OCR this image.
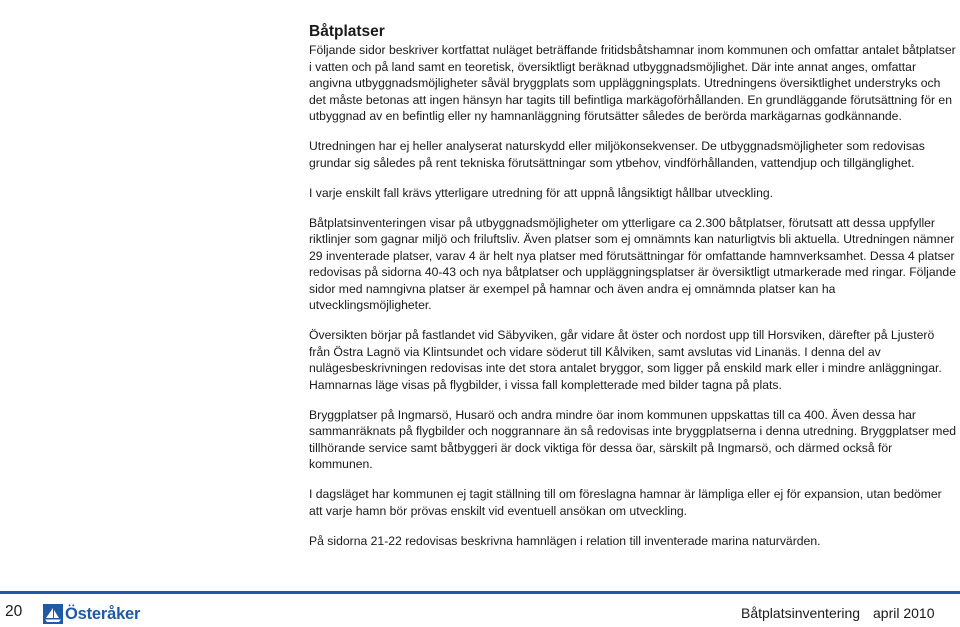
Båtplatser

Följande sidor beskriver kortfattat nuläget beträffande fritidsbåtshamnar inom kommunen och omfattar antalet båtplatser i vatten och på land samt en teoretisk, översiktligt beräknad utbyggnadsmöjlighet. Där inte annat anges, omfattar angivna utbyggnadsmöjligheter såväl bryggplats som uppläggningsplats. Utredningens översiktlighet understryks och det måste betonas att ingen hänsyn har tagits till befintliga markägoförhållanden. En grundläggande förutsättning för en utbyggnad av en befintlig eller ny hamnanläggning förutsätter således de berörda markägarnas godkännande.

Utredningen har ej heller analyserat naturskydd eller miljökonsekvenser. De utbyggnadsmöjligheter som redovisas grundar sig således på rent tekniska förutsättningar som ytbehov, vindförhållanden, vattendjup och tillgänglighet.

I varje enskilt fall krävs ytterligare utredning för att uppnå långsiktigt hållbar utveckling.

Båtplatsinventeringen visar på utbyggnadsmöjligheter om ytterligare ca 2.300 båtplatser, förutsatt att dessa uppfyller riktlinjer som gagnar miljö och friluftsliv. Även platser som ej omnämnts kan naturligtvis bli aktuella. Utredningen nämner 29 inventerade platser, varav 4 är helt nya platser med förutsättningar för omfattande hamnverksamhet. Dessa 4 platser redovisas på sidorna 40-43 och nya båtplatser och uppläggningsplatser är översiktligt utmarkerade med ringar. Följande sidor med namngivna platser är exempel på hamnar och även andra ej omnämnda platser kan ha utvecklingsmöjligheter.

Översikten börjar på fastlandet vid Säbyviken, går vidare åt öster och nordost upp till Horsviken, därefter på Ljusterö från Östra Lagnö via Klintsundet och vidare söderut till Kålviken, samt avslutas vid Linanäs. I denna del av nulägesbeskrivningen redovisas inte det stora antalet bryggor, som ligger på enskild mark eller i mindre anläggningar. Hamnarnas läge visas på flygbilder, i vissa fall kompletterade med bilder tagna på plats.

Bryggplatser på Ingmarsö, Husarö och andra mindre öar inom kommunen uppskattas till ca 400. Även dessa har sammanräknats på flygbilder och noggrannare än så redovisas inte bryggplatserna i denna utredning. Bryggplatser med tillhörande service samt båtbyggeri är dock viktiga för dessa öar, särskilt på Ingmarsö, och därmed också för kommunen.

I dagsläget har kommunen ej tagit ställning till om föreslagna hamnar är lämpliga eller ej för expansion, utan bedömer att varje hamn bör prövas enskilt vid eventuell ansökan om utveckling.

På sidorna 21-22 redovisas beskrivna hamnlägen i relation till inventerade marina naturvärden.

20	Österåker	Båtplatsinventering april 2010
